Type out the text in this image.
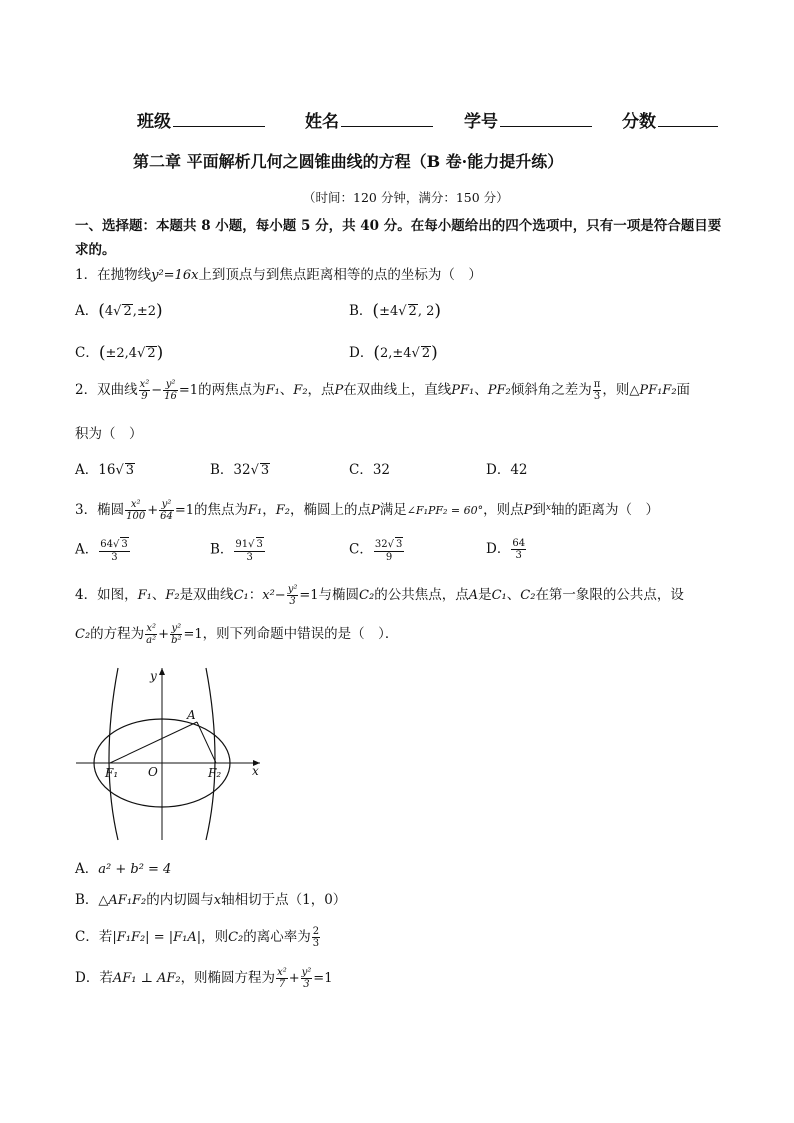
班级	姓名	学号	分数
第二章 平面解析几何之圆锥曲线的方程（B 卷·能力提升练）
（时间：120 分钟，满分：150 分）
一、选择题：本题共 8 小题，每小题 5 分，共 40 分。在每小题给出的四个选项中，只有一项是符合题目要
求的。
1．在抛物线y²=16x上到顶点与到焦点距离相等的点的坐标为（　）
A．(4√ 2,±2)	B．(±4√ 2, 2)
C．(±2,4√ 2)	D．(2,±4√ 2)
2．双曲线 $\frac{\text{x²}}{9} - \frac{\text{y²}}{16} =1$的两焦点为F₁、F₂，点P在双曲线上，直线PF₁、PF₂倾斜角之差为 $\frac{\pi}{3}$ ，则△PF₁F₂面
积为（　）
A．16√ 3	B．32√ 3	C．32	D．42
3．椭圆 $\frac{\text{x²}}{100} + \frac{\text{y²}}{64} =1$的焦点为F₁，F₂，椭圆上的点P满足∠F₁PF₂ = 60°，则点P到$^x$轴的距离为（　）
A． $\frac{64√ 3}{3}$	B． $\frac{91√ 3}{3}$	C． $\frac{32√ 3}{9}$	D． $\frac{64}{3}$
4．如图，F₁、F₂是双曲线C₁：$x^2- \frac{\text{y²}}{3} =1$与椭圆C₂的公共焦点，点A是C₁、C₂在第一象限的公共点，设
C₂的方程为 $\frac{\text{x²}}{\text{a²}} + \frac{\text{y²}}{\text{b²}} =1$，则下列命题中错误的是（　）．
y
x
A
O
F₁	F₂
A．a² + b² = 4
B．△AF₁F₂的内切圆与x轴相切于点（1，0）
C．若|F₁F₂| = |F₁A|，则C₂的离心率为 $\frac{2}{3}$
D．若AF₁ ⊥ AF₂，则椭圆方程为 $\frac{\text{x²}}{7} + \frac{\text{y²}}{3} =1$
